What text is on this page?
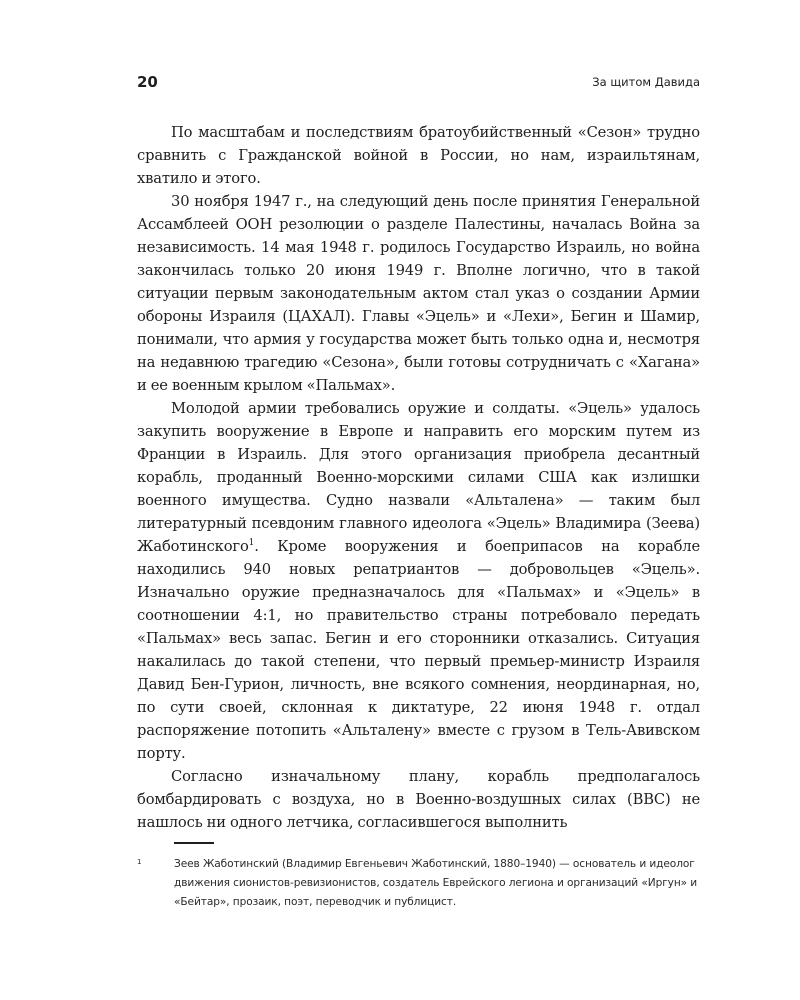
20	За щитом Давида

По масштабам и последствиям братоубийственный «Сезон» трудно сравнить с Гражданской войной в России, но нам, израильтянам, хватило и этого.

30 ноября 1947 г., на следующий день после принятия Генеральной Ассамблеей ООН резолюции о разделе Палестины, началась Война за независимость. 14 мая 1948 г. родилось Государство Израиль, но война закончилась только 20 июня 1949 г. Вполне логично, что в такой ситуации первым законодательным актом стал указ о создании Армии обороны Израиля (ЦАХАЛ). Главы «Эцель» и «Лехи», Бегин и Шамир, понимали, что армия у государства может быть только одна и, несмотря на недавнюю трагедию «Сезона», были готовы сотрудничать с «Хагана» и ее военным крылом «Пальмах».

Молодой армии требовались оружие и солдаты. «Эцель» удалось закупить вооружение в Европе и направить его морским путем из Франции в Израиль. Для этого организация приобрела десантный корабль, проданный Военно-морскими силами США как излишки военного имущества. Судно назвали «Альталена» — таким был литературный псевдоним главного идеолога «Эцель» Владимира (Зеева) Жаботинского$^1$. Кроме вооружения и боеприпасов на корабле находились 940 новых репатриантов — добровольцев «Эцель». Изначально оружие предназначалось для «Пальмах» и «Эцель» в соотношении 4:1, но правительство страны потребовало передать «Пальмах» весь запас. Бегин и его сторонники отказались. Ситуация накалилась до такой степени, что первый премьер-министр Израиля Давид Бен-Гурион, личность, вне всякого сомнения, неординарная, но, по сути своей, склонная к диктатуре, 22 июня 1948 г. отдал распоряжение потопить «Альталену» вместе с грузом в Тель-Авивском порту.

Согласно изначальному плану, корабль предполагалось бомбардировать с воздуха, но в Военно-воздушных силах (ВВС) не нашлось ни одного летчика, согласившегося выполнить

1	Зеев Жаботинский (Владимир Евгеньевич Жаботинский, 1880–1940) — основатель и идеолог движения сионистов-ревизионистов, создатель Еврейского легиона и организаций «Иргун» и «Бейтар», прозаик, поэт, переводчик и публицист.
